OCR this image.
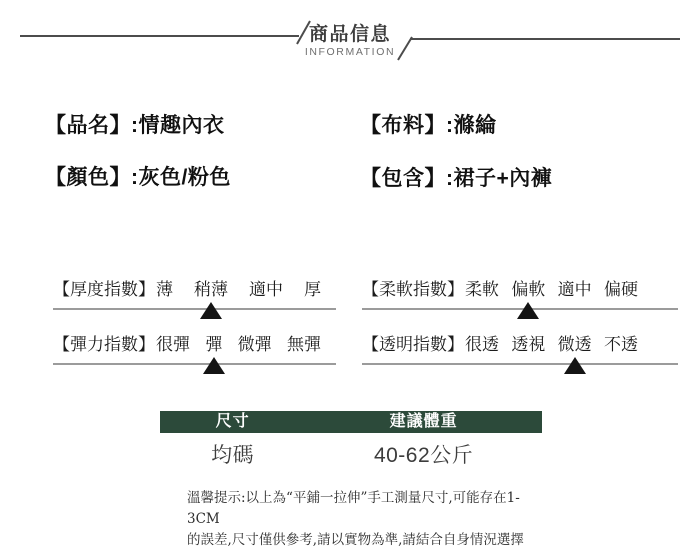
商品信息
INFORMATION
【品名】:情趣內衣	【布料】:滌綸
【顏色】:灰色/粉色	【包含】:裙子+內褲
【厚度指數】 薄 稍薄 適中 厚 【柔軟指數】 柔軟 偏軟 適中 偏硬
【彈力指數】 很彈 彈 微彈 無彈 【透明指數】 很透 透視 微透 不透
尺寸	建議體重
均碼	40-62公斤
溫馨提示:以上為“平鋪一拉伸”手工測量尺寸,可能存在1-3CM
的誤差,尺寸僅供參考,請以實物為準,請結合自身情況選擇
